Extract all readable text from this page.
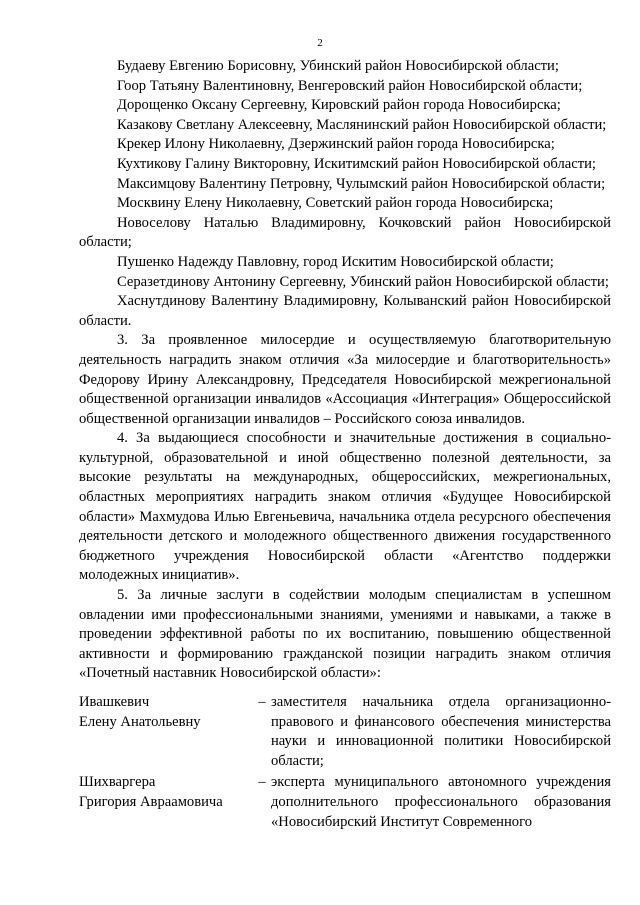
2

Будаеву Евгению Борисовну, Убинский район Новосибирской области;

Гоор Татьяну Валентиновну, Венгеровский район Новосибирской области;

Дорощенко Оксану Сергеевну, Кировский район города Новосибирска;

Казакову Светлану Алексеевну, Маслянинский район Новосибирской области;

Крекер Илону Николаевну, Дзержинский район города Новосибирска;

Кухтикову Галину Викторовну, Искитимский район Новосибирской области;

Максимцову Валентину Петровну, Чулымский район Новосибирской области;

Москвину Елену Николаевну, Советский район города Новосибирска;

Новоселову Наталью Владимировну, Кочковский район Новосибирской области;

Пушенко Надежду Павловну, город Искитим Новосибирской области;

Серазетдинову Антонину Сергеевну, Убинский район Новосибирской области;

Хаснутдинову Валентину Владимировну, Колыванский район Новосибирской области.

3. За проявленное милосердие и осуществляемую благотворительную деятельность наградить знаком отличия «За милосердие и благотворительность» Федорову Ирину Александровну, Председателя Новосибирской межрегиональной общественной организации инвалидов «Ассоциация «Интеграция» Общероссийской общественной организации инвалидов – Российского союза инвалидов.

4. За выдающиеся способности и значительные достижения в социально-культурной, образовательной и иной общественно полезной деятельности, за высокие результаты на международных, общероссийских, межрегиональных, областных мероприятиях наградить знаком отличия «Будущее Новосибирской области» Махмудова Илью Евгеньевича, начальника отдела ресурсного обеспечения деятельности детского и молодежного общественного движения государственного бюджетного учреждения Новосибирской области «Агентство поддержки молодежных инициатив».

5. За личные заслуги в содействии молодым специалистам в успешном овладении ими профессиональными знаниями, умениями и навыками, а также в проведении эффективной работы по их воспитанию, повышению общественной активности и формированию гражданской позиции наградить знаком отличия «Почетный наставник Новосибирской области»:

Ивашкевич
Елену Анатольевну
– заместителя начальника отдела организационно-правового и финансового обеспечения министерства науки и инновационной политики Новосибирской области;
Шихваргера
Григория Авраамовича
– эксперта муниципального автономного учреждения дополнительного профессионального образования «Новосибирский Институт Современного
